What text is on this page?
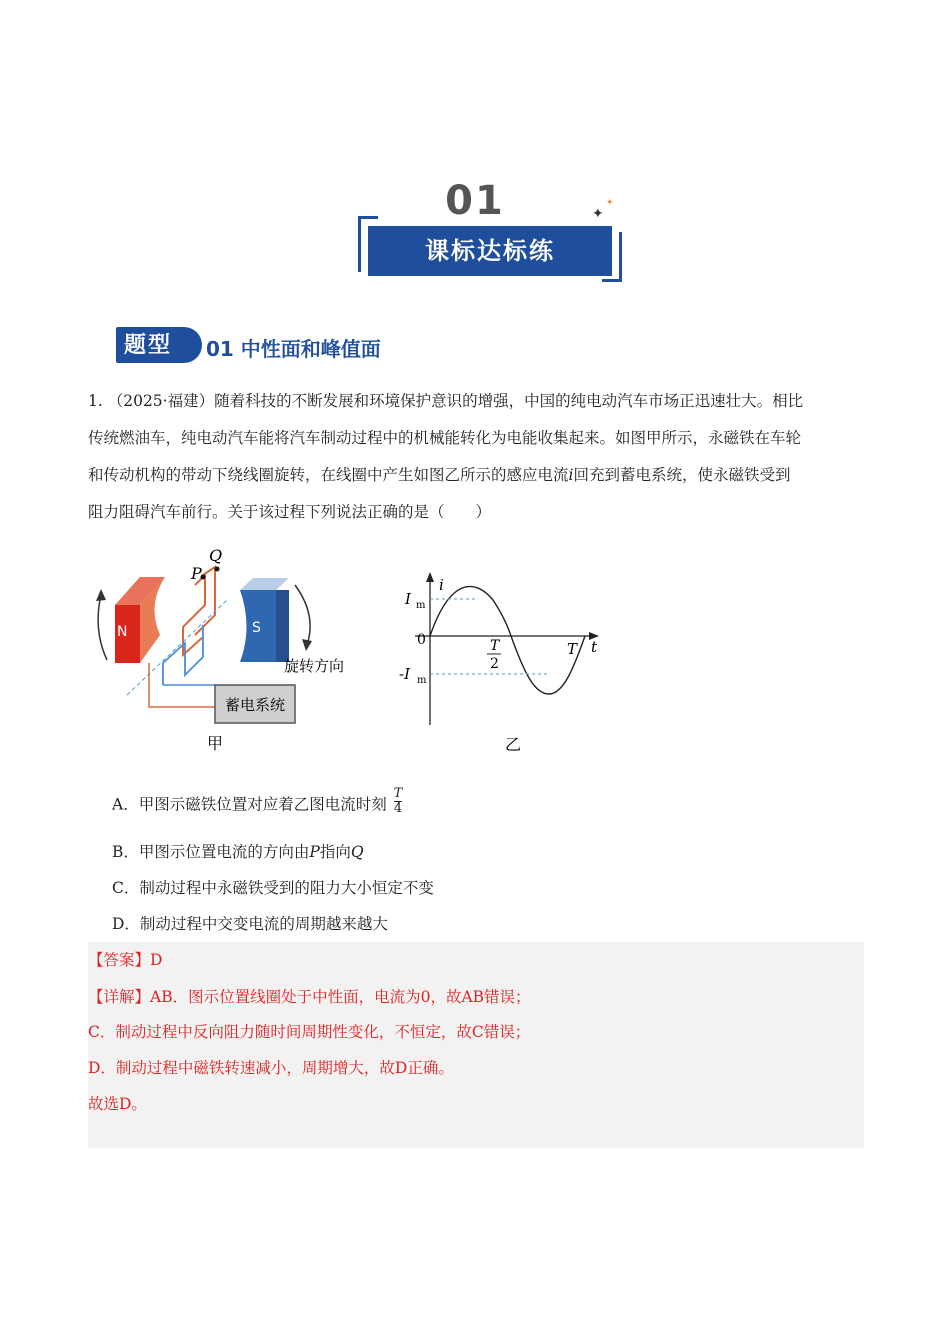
01
课标达标练
✦
✦
题型	01 中性面和峰值面
1. （2025·福建）随着科技的不断发展和环境保护意识的增强，中国的纯电动汽车市场正迅速壮大。相比
传统燃油车，纯电动汽车能将汽车制动过程中的机械能转化为电能收集起来。如图甲所示，永磁铁在车轮
和传动机构的带动下绕线圈旋转，在线圈中产生如图乙所示的感应电流i回充到蓄电系统，使永磁铁受到
阻力阻碍汽车前行。关于该过程下列说法正确的是（　　）
P
Q
N	S
旋转方向
蓄电系统
甲
i
t
I m
0
-I m
T
2
T
乙
A．甲图示磁铁位置对应着乙图电流时刻 $\frac{T}{4}$
B．甲图示位置电流的方向由P指向Q
C．制动过程中永磁铁受到的阻力大小恒定不变
D．制动过程中交变电流的周期越来越大
【答案】D
【详解】AB．图示位置线圈处于中性面，电流为0，故AB错误；
C．制动过程中反向阻力随时间周期性变化，不恒定，故C错误；
D．制动过程中磁铁转速减小，周期增大，故D正确。
故选D。
